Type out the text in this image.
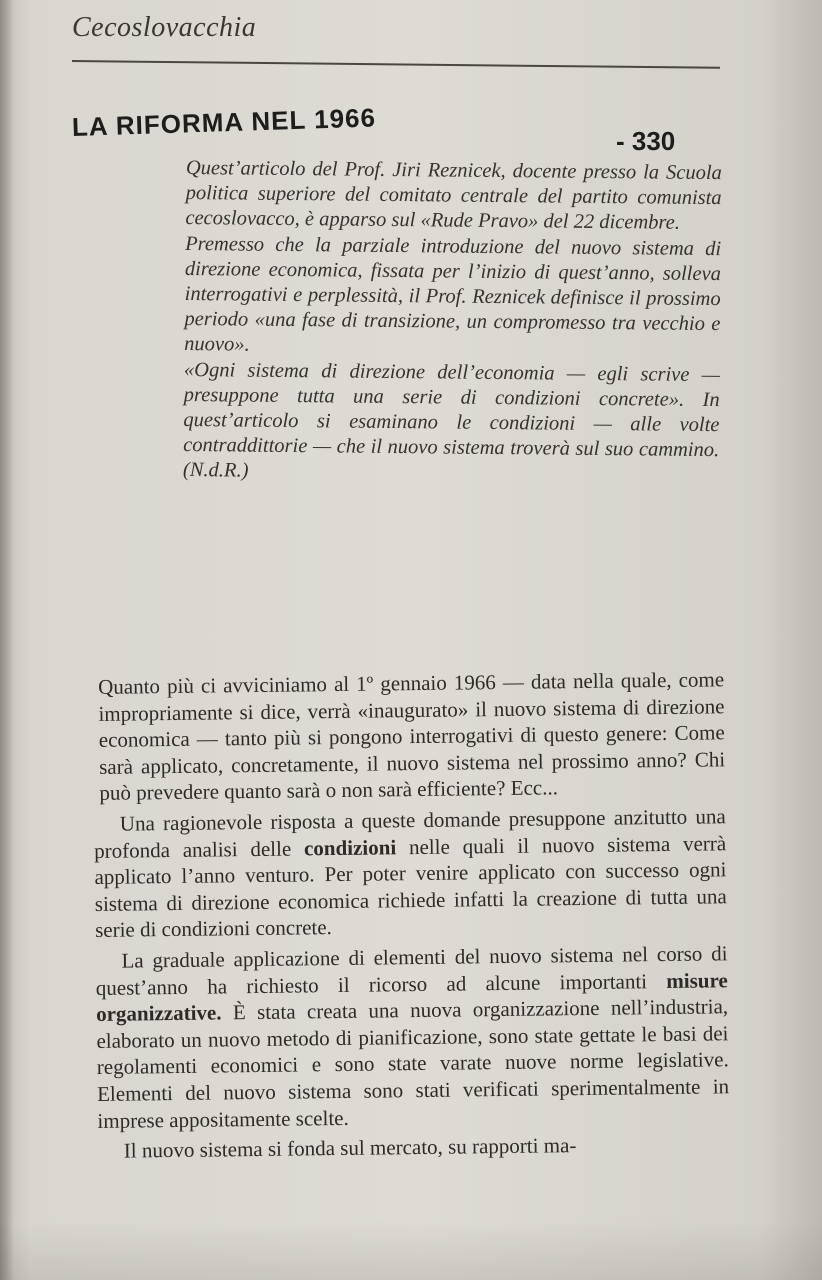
Cecoslovacchia
LA RIFORMA NEL 1966	- 330

Quest’articolo del Prof. Jiri Reznicek, docente presso la Scuola politica superiore del comitato centrale del partito comunista cecoslovacco, è apparso sul «Rude Pravo» del 22 dicembre.

Premesso che la parziale introduzione del nuovo sistema di direzione economica, fissata per l’inizio di quest’anno, solleva interrogativi e perplessità, il Prof. Reznicek definisce il prossimo periodo «una fase di transizione, un compromesso tra vecchio e nuovo».

«Ogni sistema di direzione dell’economia — egli scrive — presuppone tutta una serie di condizioni concrete». In quest’articolo si esaminano le condizioni — alle volte contraddittorie — che il nuovo sistema troverà sul suo cammino. (N.d.R.)

Quanto più ci avviciniamo al 1º gennaio 1966 — data nella quale, come impropriamente si dice, verrà «inaugurato» il nuovo sistema di direzione economica — tanto più si pongono interrogativi di questo genere: Come sarà applicato, concretamente, il nuovo sistema nel prossimo anno? Chi può prevedere quanto sarà o non sarà efficiente? Ecc...

Una ragionevole risposta a queste domande presuppone anzitutto una profonda analisi delle condizioni nelle quali il nuovo sistema verrà applicato l’anno venturo. Per poter venire applicato con successo ogni sistema di direzione economica richiede infatti la creazione di tutta una serie di condizioni concrete.

La graduale applicazione di elementi del nuovo sistema nel corso di quest’anno ha richiesto il ricorso ad alcune importanti misure organizzative. È stata creata una nuova organizzazione nell’industria, elaborato un nuovo metodo di pianificazione, sono state gettate le basi dei regolamenti economici e sono state varate nuove norme legislative. Elementi del nuovo sistema sono stati verificati sperimentalmente in imprese appositamente scelte.

Il nuovo sistema si fonda sul mercato, su rapporti ma-
